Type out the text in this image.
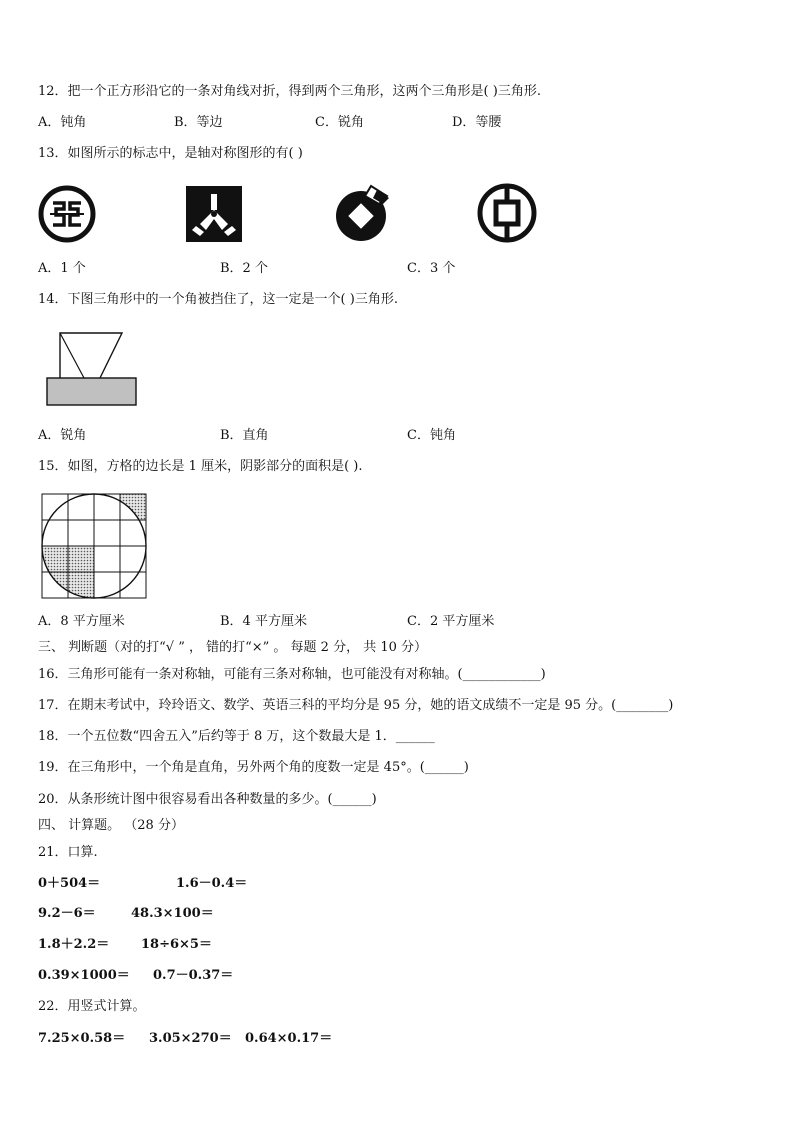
12．把一个正方形沿它的一条对角线对折，得到两个三角形，这两个三角形是( )三角形.
A．钝角	B．等边	C．锐角	D．等腰
13．如图所示的标志中，是轴对称图形的有( )
A．1 个	B．2 个	C．3 个
14．下图三角形中的一个角被挡住了，这一定是一个( )三角形.
A．锐角	B．直角	C．钝角
15．如图，方格的边长是 1 厘米，阴影部分的面积是( ).
A．8 平方厘米	B．4 平方厘米	C．2 平方厘米
三、 判断题（对的打“√ ” ， 错的打“×” 。 每题 2 分， 共 10 分）
16．三角形可能有一条对称轴，可能有三条对称轴，也可能没有对称轴。(____________)
17．在期末考试中，玲玲语文、数学、英语三科的平均分是 95 分，她的语文成绩不一定是 95 分。(________)
18．一个五位数“四舍五入”后约等于 8 万，这个数最大是 1．______
19．在三角形中，一个角是直角，另外两个角的度数一定是 45°。(______)
20．从条形统计图中很容易看出各种数量的多少。(______)
四、 计算题。 （28 分）
21．口算.
0＋504＝	1.6－0.4＝
9.2－6＝	48.3×100＝
1.8＋2.2＝ 18÷6×5＝
0.39×1000＝ 0.7－0.37＝
22．用竖式计算。
7.25×0.58＝ 3.05×270＝ 0.64×0.17＝
